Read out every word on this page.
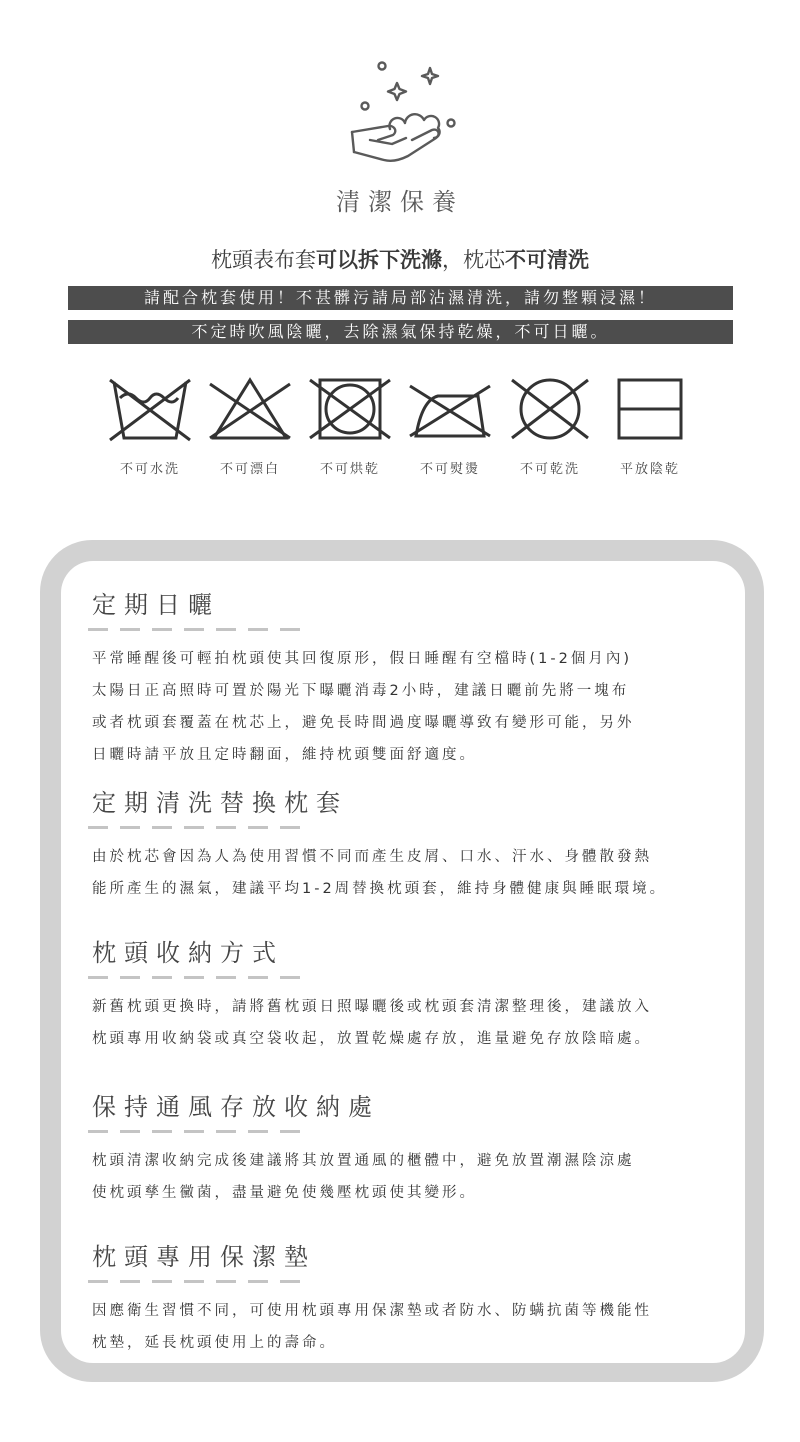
清潔保養
枕頭表布套可以拆下洗滌，枕芯不可清洗
請配合枕套使用！不甚髒污請局部沾濕清洗，請勿整顆浸濕！
不定時吹風陰曬，去除濕氣保持乾燥，不可日曬。
不可水洗	不可漂白	不可烘乾	不可熨燙	不可乾洗	平放陰乾
定期日曬

平常睡醒後可輕拍枕頭使其回復原形，假日睡醒有空檔時(1-2個月內)

太陽日正高照時可置於陽光下曝曬消毒2小時，建議日曬前先將一塊布

或者枕頭套覆蓋在枕芯上，避免長時間過度曝曬導致有變形可能，另外

日曬時請平放且定時翻面，維持枕頭雙面舒適度。

定期清洗替換枕套

由於枕芯會因為人為使用習慣不同而產生皮屑、口水、汗水、身體散發熱

能所產生的濕氣，建議平均1-2周替換枕頭套，維持身體健康與睡眠環境。

枕頭收納方式

新舊枕頭更換時，請將舊枕頭日照曝曬後或枕頭套清潔整理後，建議放入

枕頭專用收納袋或真空袋收起，放置乾燥處存放，進量避免存放陰暗處。

保持通風存放收納處

枕頭清潔收納完成後建議將其放置通風的櫃體中，避免放置潮濕陰涼處

使枕頭孳生黴菌，盡量避免使幾壓枕頭使其變形。

枕頭專用保潔墊

因應衛生習慣不同，可使用枕頭專用保潔墊或者防水、防螨抗菌等機能性

枕墊，延長枕頭使用上的壽命。
